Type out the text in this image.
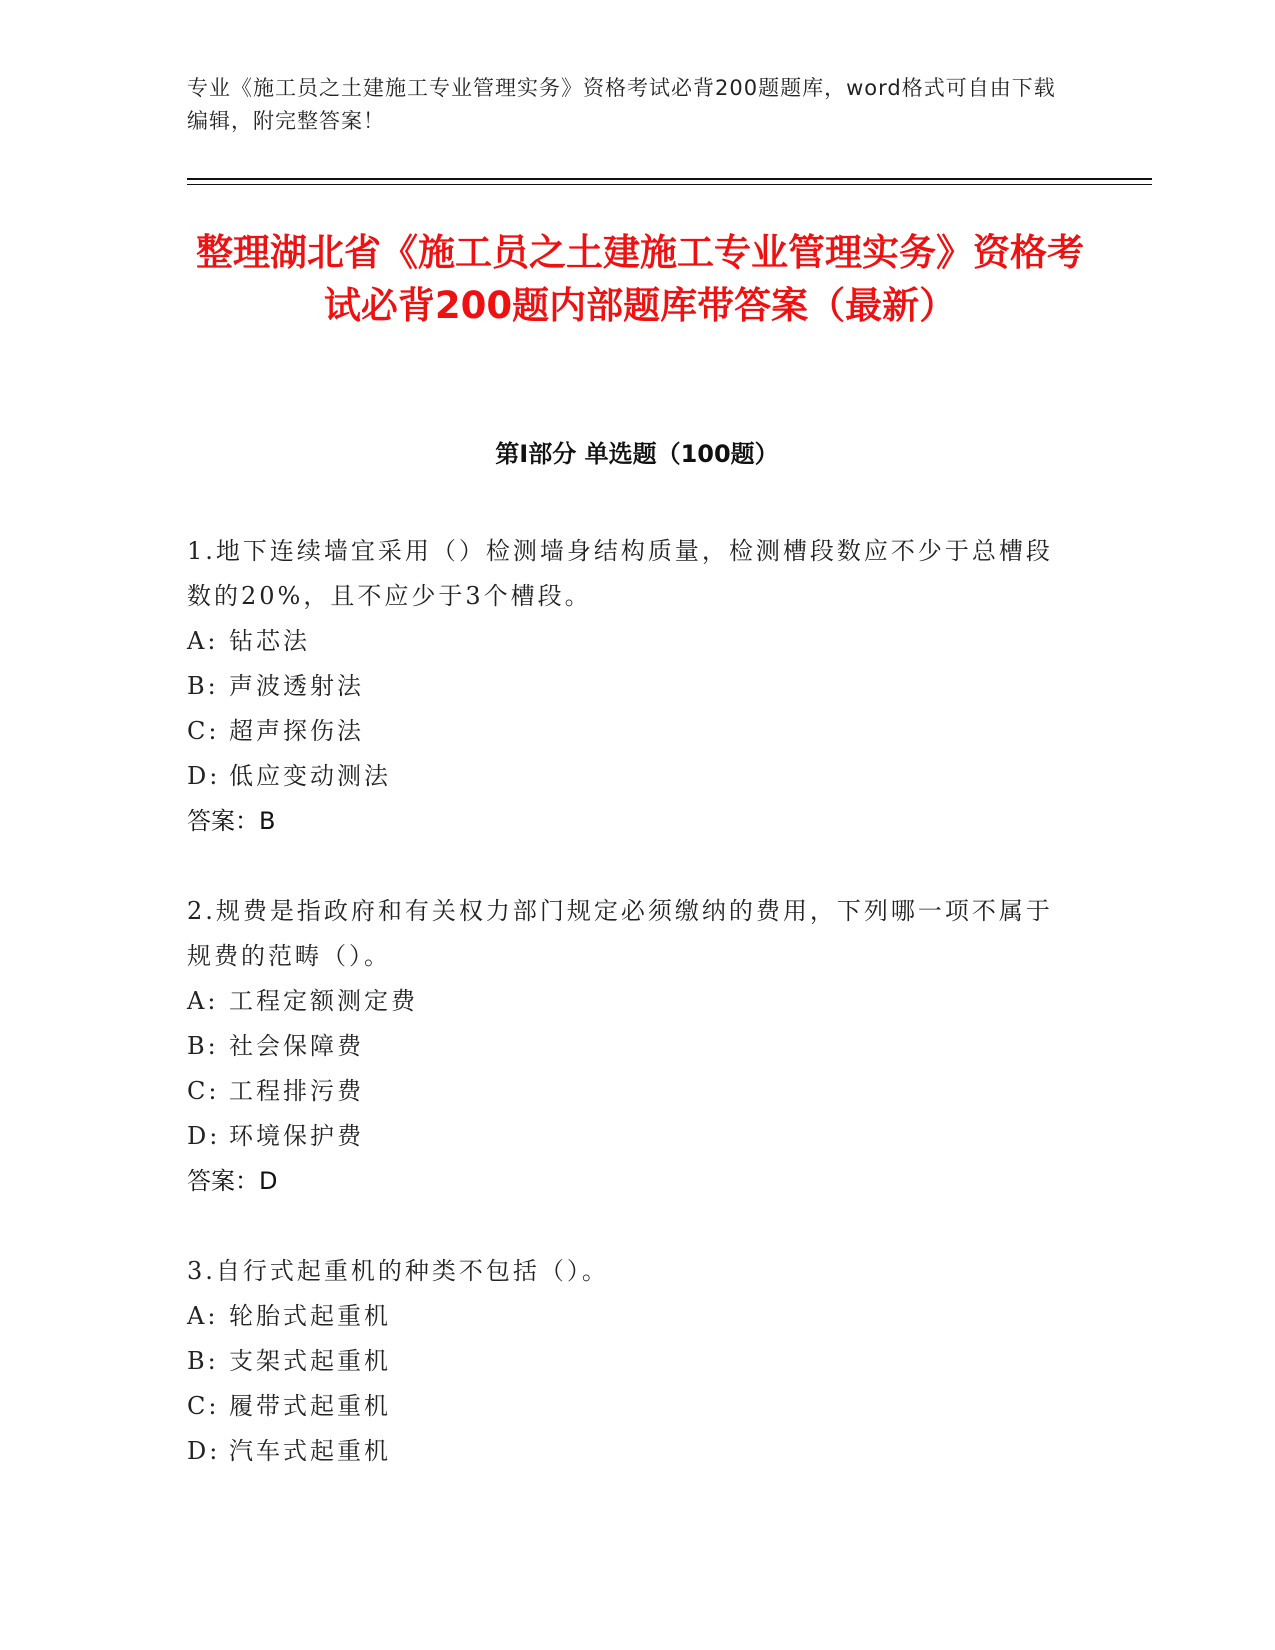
专业《施工员之土建施工专业管理实务》资格考试必背200题题库，word格式可自由下载编辑，附完整答案！
整理湖北省《施工员之土建施工专业管理实务》资格考试必背200题内部题库带答案（最新）
第Ⅰ部分 单选题（100题）

1.地下连续墙宜采用（）检测墙身结构质量，检测槽段数应不少于总槽段数的20%，且不应少于3个槽段。

A: 钻芯法

B: 声波透射法

C: 超声探伤法

D: 低应变动测法

答案：B

2.规费是指政府和有关权力部门规定必须缴纳的费用，下列哪一项不属于规费的范畴（）。

A: 工程定额测定费

B: 社会保障费

C: 工程排污费

D: 环境保护费

答案：D

3.自行式起重机的种类不包括（）。

A: 轮胎式起重机

B: 支架式起重机

C: 履带式起重机

D: 汽车式起重机
